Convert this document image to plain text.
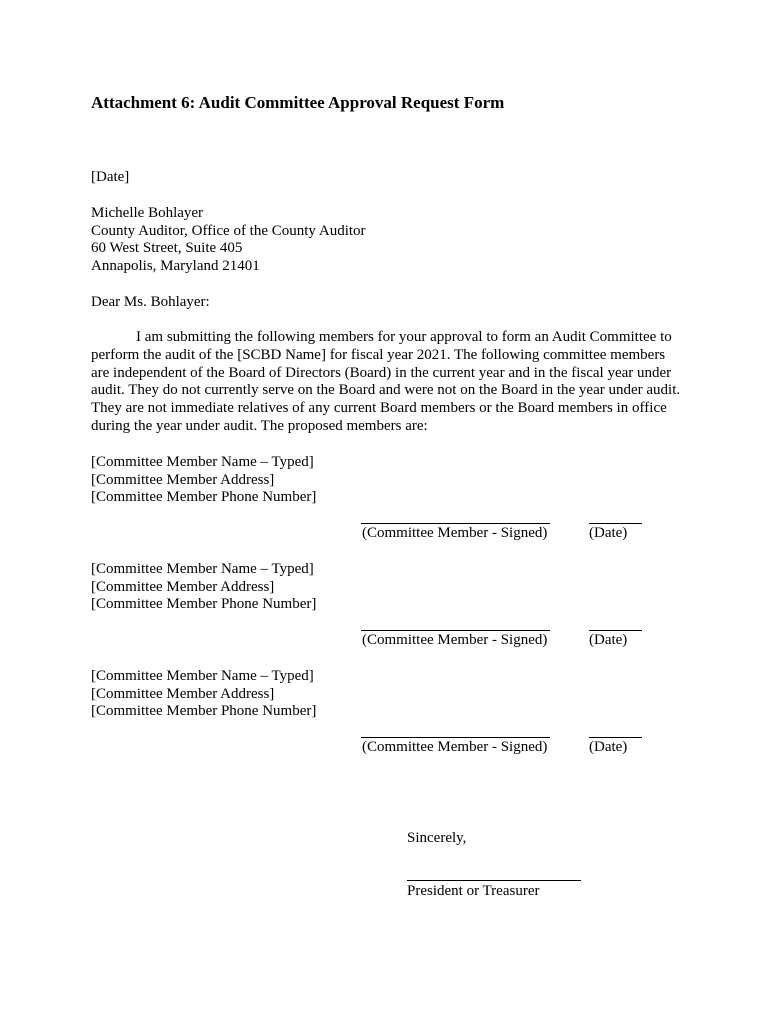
Attachment 6: Audit Committee Approval Request Form
[Date]
Michelle Bohlayer
County Auditor, Office of the County Auditor
60 West Street, Suite 405
Annapolis, Maryland 21401
Dear Ms. Bohlayer:
I am submitting the following members for your approval to form an Audit Committee to perform the audit of the [SCBD Name] for fiscal year 2021. The following committee members are independent of the Board of Directors (Board) in the current year and in the fiscal year under audit. They do not currently serve on the Board and were not on the Board in the year under audit. They are not immediate relatives of any current Board members or the Board members in office during the year under audit. The proposed members are:
[Committee Member Name – Typed]
[Committee Member Address]
[Committee Member Phone Number]
(Committee Member - Signed)	(Date)
[Committee Member Name – Typed]
[Committee Member Address]
[Committee Member Phone Number]
(Committee Member - Signed)	(Date)
[Committee Member Name – Typed]
[Committee Member Address]
[Committee Member Phone Number]
(Committee Member - Signed)	(Date)
Sincerely,
President or Treasurer
